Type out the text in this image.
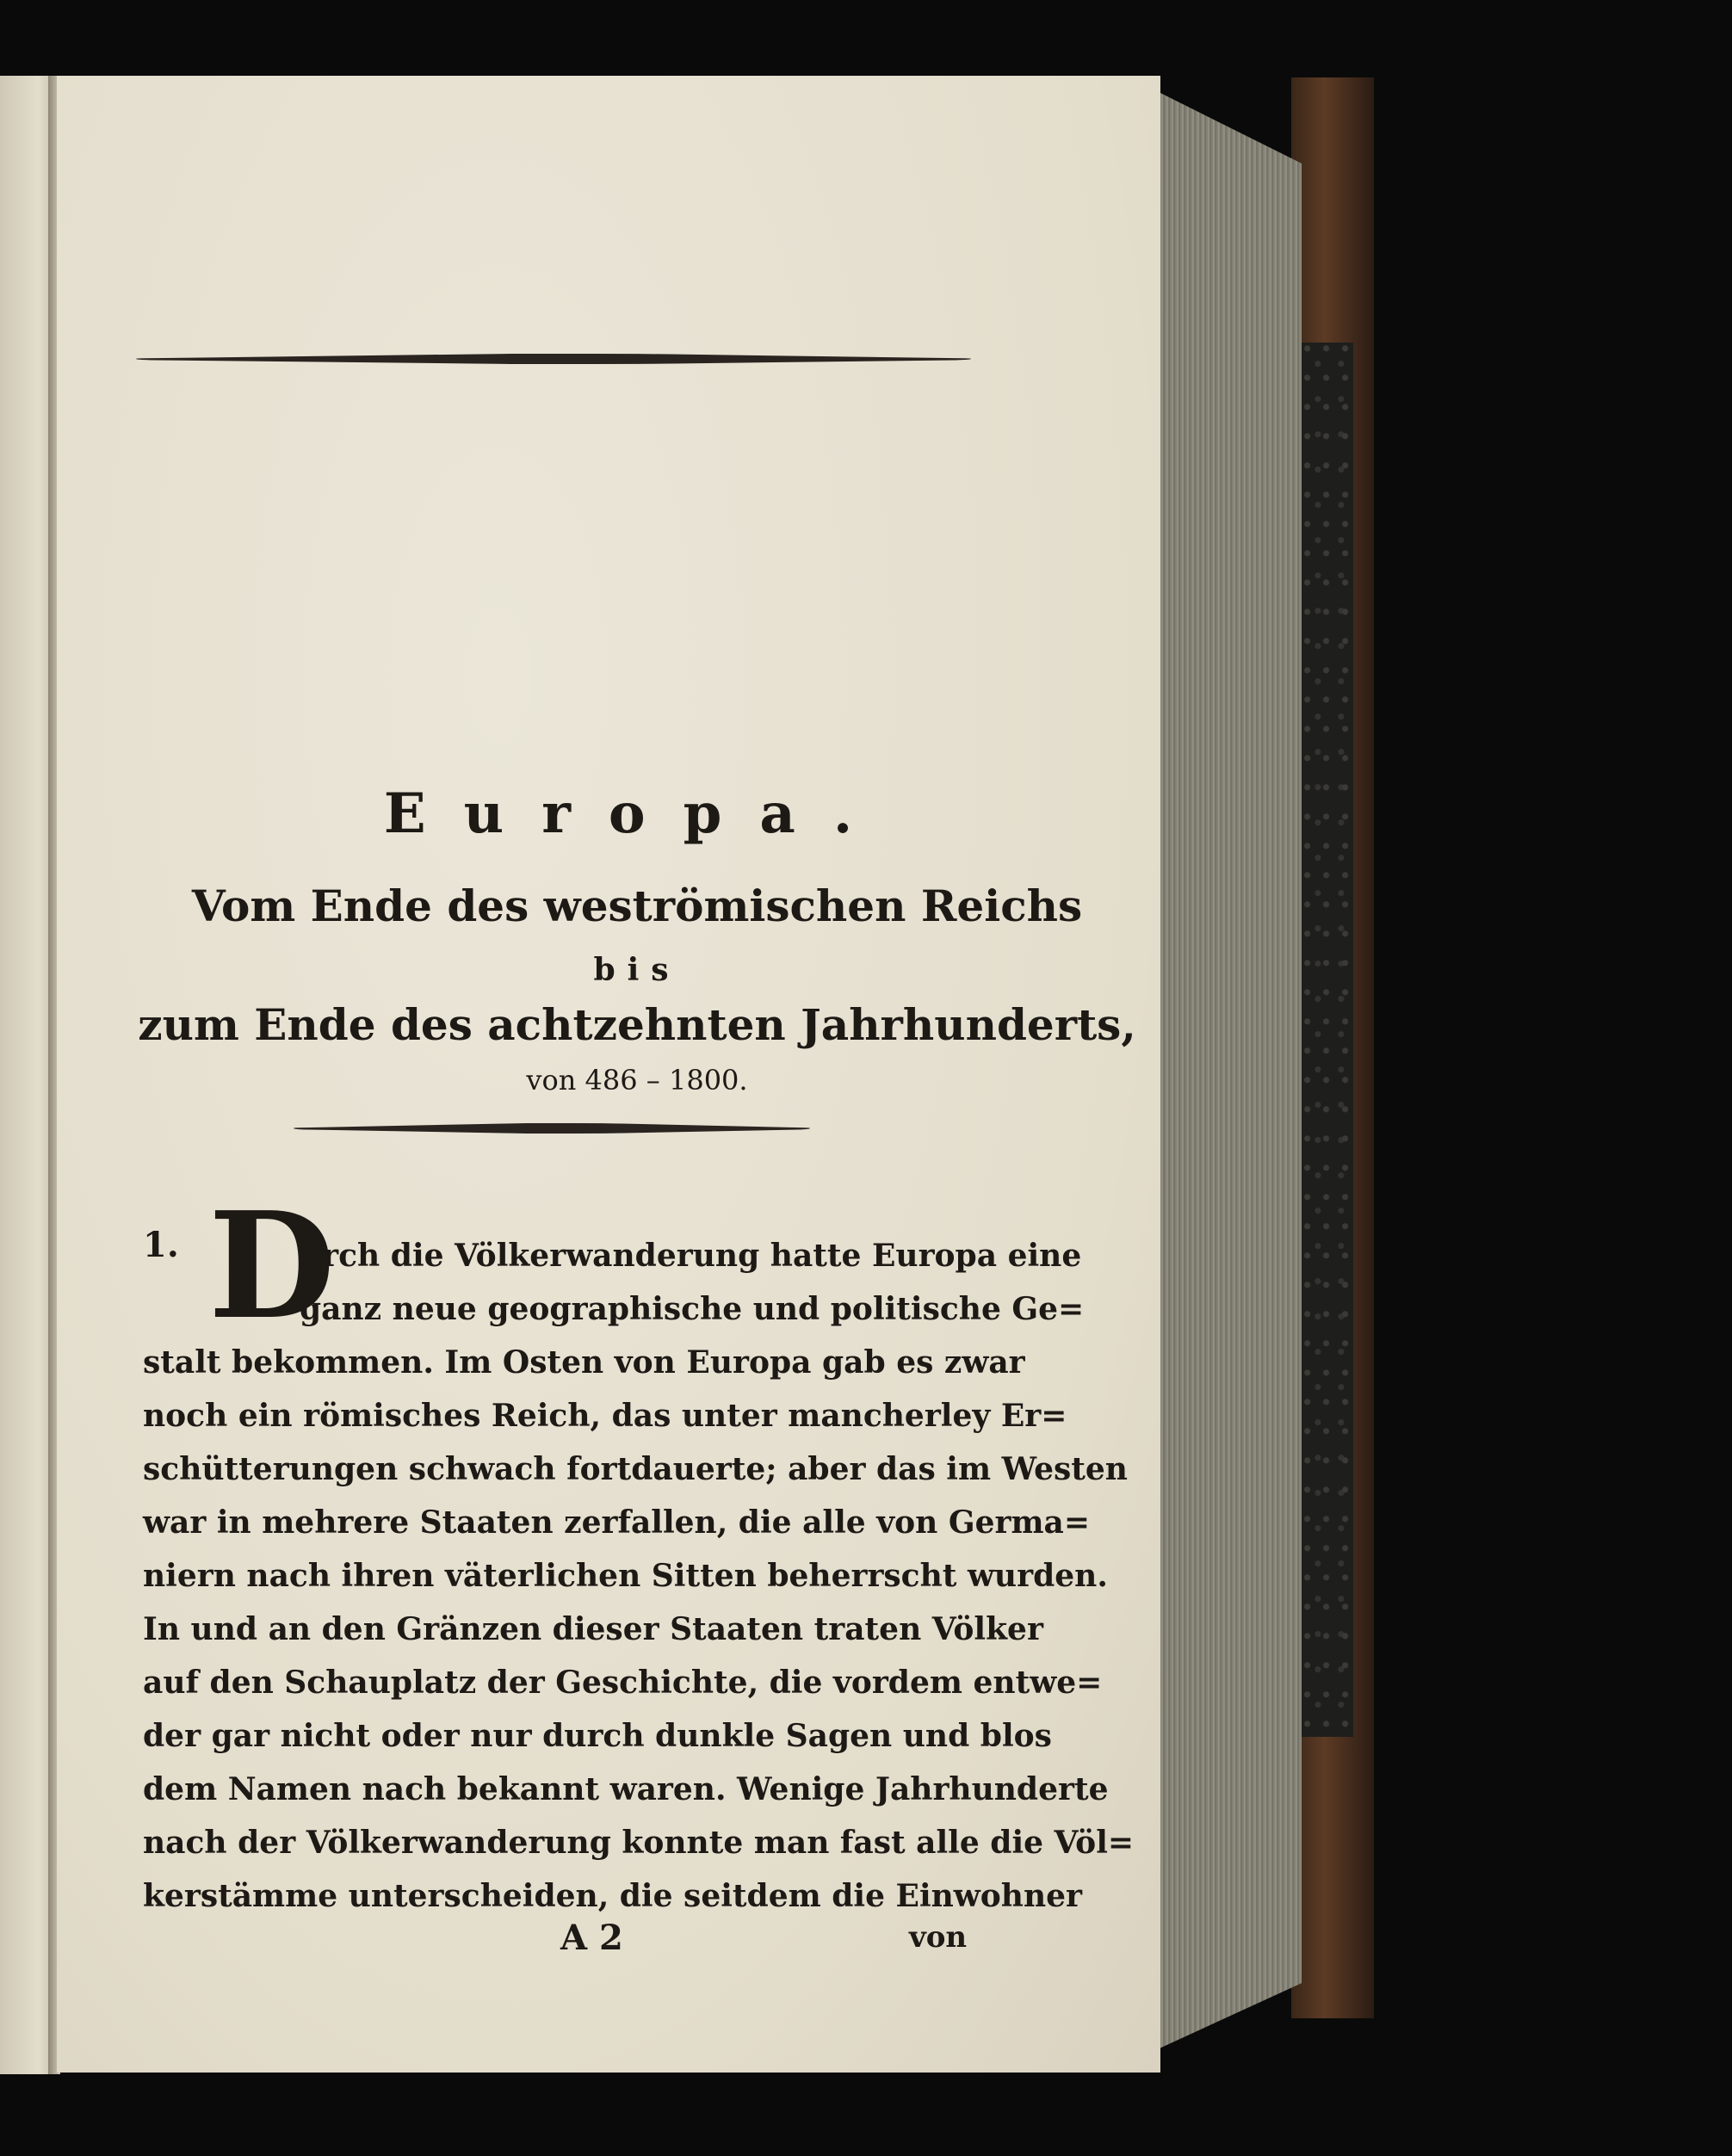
Europa.
Vom Ende des weströmischen Reichs
bis
zum Ende des achtzehnten Jahrhunderts,
von 486 – 1800.
1. D
urch die Völkerwanderung hatte Europa eine
ganz neue geographische und politische Ge=
stalt bekommen. Im Osten von Europa gab es zwar
noch ein römisches Reich, das unter mancherley Er=
schütterungen schwach fortdauerte; aber das im Westen
war in mehrere Staaten zerfallen, die alle von Germa=
niern nach ihren väterlichen Sitten beherrscht wurden.
In und an den Gränzen dieser Staaten traten Völker
auf den Schauplatz der Geschichte, die vordem entwe=
der gar nicht oder nur durch dunkle Sagen und blos
dem Namen nach bekannt waren. Wenige Jahrhunderte
nach der Völkerwanderung konnte man fast alle die Völ=
kerstämme unterscheiden, die seitdem die Einwohner
A 2	von
